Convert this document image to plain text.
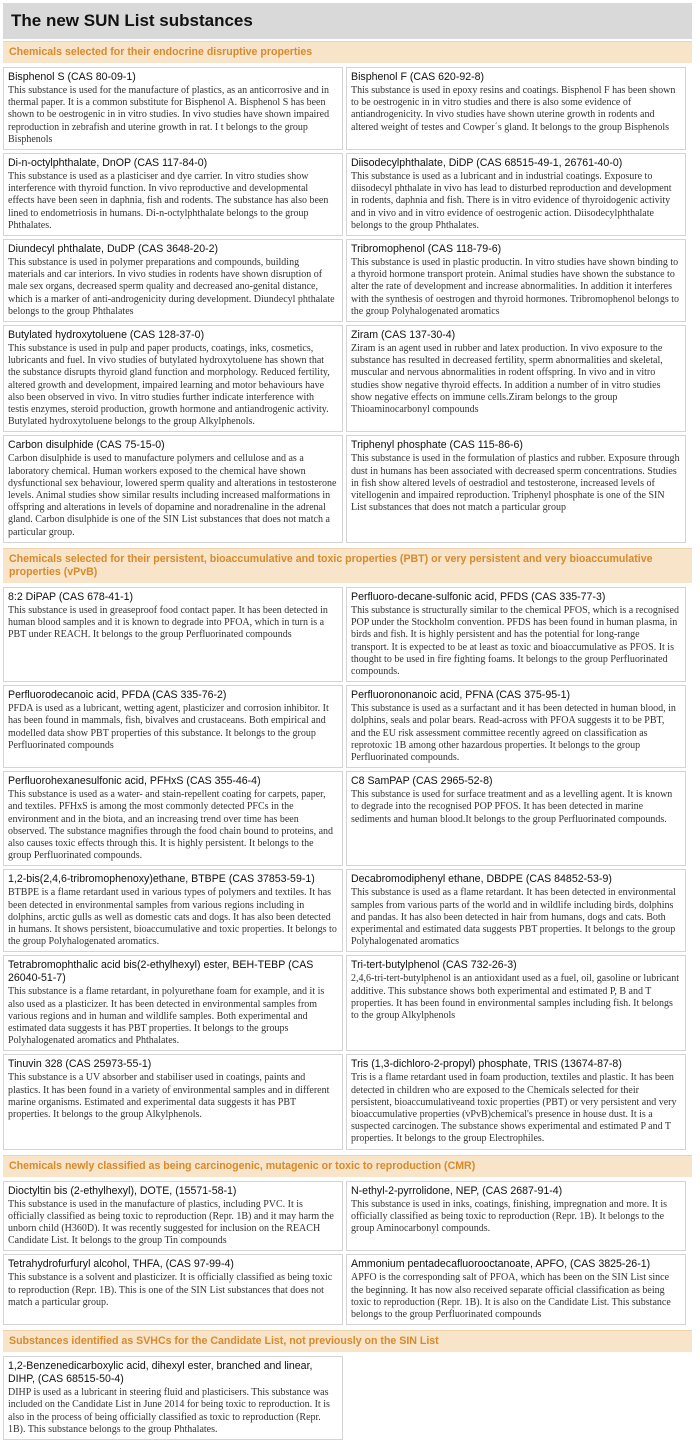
The new SUN List substances
Chemicals selected for their endocrine disruptive properties
Bisphenol S (CAS 80-09-1)
This substance is used for the manufacture of plastics, as an anticorrosive and in thermal paper. It is a common substitute for Bisphenol A. Bisphenol S has been shown to be oestrogenic in in vitro studies. In vivo studies have shown impaired reproduction in zebrafish and uterine growth in rat. I t belongs to the group Bisphenols
Bisphenol F (CAS 620-92-8)
This substance is used in epoxy resins and coatings. Bisphenol F has been shown to be oestrogenic in in vitro studies and there is also some evidence of antiandrogenicity. In vivo studies have shown uterine growth in rodents and altered weight of testes and Cowper´s gland. It belongs to the group Bisphenols
Di-n-octylphthalate, DnOP (CAS 117-84-0)
This substance is used as a plasticiser and dye carrier. In vitro studies show interference with thyroid function. In vivo reproductive and developmental effects have been seen in daphnia, fish and rodents. The substance has also been lined to endometriosis in humans. Di-n-octylphthalate belongs to the group Phthalates.
Diisodecylphthalate, DiDP (CAS 68515-49-1, 26761-40-0)
This substance is used as a lubricant and in industrial coatings. Exposure to diisodecyl phthalate in vivo has lead to disturbed reproduction and development in rodents, daphnia and fish. There is in vitro evidence of thyroidogenic activity and in vivo and in vitro evidence of oestrogenic action. Diisodecylphthalate belongs to the group Phthalates.
Diundecyl phthalate, DuDP (CAS 3648-20-2)
This substance is used in polymer preparations and compounds, building materials and car interiors. In vivo studies in rodents have shown disruption of male sex organs, decreased sperm quality and decreased ano-genital distance, which is a marker of anti-androgenicity during development. Diundecyl phthalate belongs to the group Phthalates
Tribromophenol (CAS 118-79-6)
This substance is used in plastic productin. In vitro studies have shown binding to a thyroid hormone transport protein. Animal studies have shown the substance to alter the rate of development and increase abnormalities. In addition it interferes with the synthesis of oestrogen and thyroid hormones. Tribromophenol belongs to the group Polyhalogenated aromatics
Butylated hydroxytoluene (CAS 128-37-0)
This substance is used in pulp and paper products, coatings, inks, cosmetics, lubricants and fuel. In vivo studies of butylated hydroxytoluene has shown that the substance disrupts thyroid gland function and morphology. Reduced fertility, altered growth and development, impaired learning and motor behaviours have also been observed in vivo. In vitro studies further indicate interference with testis enzymes, steroid production, growth hormone and antiandrogenic activity. Butylated hydroxytoluene belongs to the group Alkylphenols.
Ziram (CAS 137-30-4)
Ziram is an agent used in rubber and latex production. In vivo exposure to the substance has resulted in decreased fertility, sperm abnormalities and skeletal, muscular and nervous abnormalities in rodent offspring. In vivo and in vitro studies show negative thyroid effects. In addition a number of in vitro studies show negative effects on immune cells.Ziram belongs to the group Thioaminocarbonyl compounds
Carbon disulphide (CAS 75-15-0)
Carbon disulphide is used to manufacture polymers and cellulose and as a laboratory chemical. Human workers exposed to the chemical have shown dysfunctional sex behaviour, lowered sperm quality and alterations in testosterone levels. Animal studies show similar results including increased malformations in offspring and alterations in levels of dopamine and noradrenaline in the adrenal gland. Carbon disulphide is one of the SIN List substances that does not match a particular group.
Triphenyl phosphate (CAS 115-86-6)
This substance is used in the formulation of plastics and rubber. Exposure through dust in humans has been associated with decreased sperm concentrations. Studies in fish show altered levels of oestradiol and testosterone, increased levels of vitellogenin and impaired reproduction. Triphenyl phosphate is one of the SIN List substances that does not match a particular group
Chemicals selected for their persistent, bioaccumulative and toxic properties (PBT) or very persistent and very bioaccumulative properties (vPvB)
8:2 DiPAP (CAS 678-41-1)
This substance is used in greaseproof food contact paper. It has been detected in human blood samples and it is known to degrade into PFOA, which in turn is a PBT under REACH. It belongs to the group Perfluorinated compounds
Perfluoro-decane-sulfonic acid, PFDS (CAS 335-77-3)
This substance is structurally similar to the chemical PFOS, which is a recognised POP under the Stockholm convention. PFDS has been found in human plasma, in birds and fish. It is highly persistent and has the potential for long-range transport. It is expected to be at least as toxic and bioaccumulative as PFOS. It is thought to be used in fire fighting foams. It belongs to the group Perfluorinated compounds.
Perfluorodecanoic acid, PFDA (CAS 335-76-2)
PFDA is used as a lubricant, wetting agent, plasticizer and corrosion inhibitor. It has been found in mammals, fish, bivalves and crustaceans. Both empirical and modelled data show PBT properties of this substance. It belongs to the group Perfluorinated compounds
Perfluorononanoic acid, PFNA (CAS 375-95-1)
This substance is used as a surfactant and it has been detected in human blood, in dolphins, seals and polar bears. Read-across with PFOA suggests it to be PBT, and the EU risk assessment committee recently agreed on classification as reprotoxic 1B among other hazardous properties. It belongs to the group Perfluorinated compounds.
Perfluorohexanesulfonic acid, PFHxS (CAS 355-46-4)
This substance is used as a water- and stain-repellent coating for carpets, paper, and textiles. PFHxS is among the most commonly detected PFCs in the environment and in the biota, and an increasing trend over time has been observed. The substance magnifies through the food chain bound to proteins, and also causes toxic effects through this. It is highly persistent. It belongs to the group Perfluorinated compounds.
C8 SamPAP (CAS 2965-52-8)
This substance is used for surface treatment and as a levelling agent. It is known to degrade into the recognised POP PFOS. It has been detected in marine sediments and human blood.It belongs to the group Perfluorinated compounds.
1,2-bis(2,4,6-tribromophenoxy)ethane, BTBPE (CAS 37853-59-1)
BTBPE is a flame retardant used in various types of polymers and textiles. It has been detected in environmental samples from various regions including in dolphins, arctic gulls as well as domestic cats and dogs. It has also been detected in humans. It shows persistent, bioaccumulative and toxic properties. It belongs to the group Polyhalogenated aromatics.
Decabromodiphenyl ethane, DBDPE (CAS 84852-53-9)
This substance is used as a flame retardant. It has been detected in environmental samples from various parts of the world and in wildlife including birds, dolphins and pandas. It has also been detected in hair from humans, dogs and cats. Both experimental and estimated data suggests PBT properties. It belongs to the group Polyhalogenated aromatics
Tetrabromophthalic acid bis(2-ethylhexyl) ester, BEH-TEBP (CAS 26040-51-7)
This substance is a flame retardant, in polyurethane foam for example, and it is also used as a plasticizer. It has been detected in environmental samples from various regions and in human and wildlife samples. Both experimental and estimated data suggests it has PBT properties. It belongs to the groups Polyhalogenated aromatics and Phthalates.
Tri-tert-butylphenol (CAS 732-26-3)
2,4,6-tri-tert-butylphenol is an antioxidant used as a fuel, oil, gasoline or lubricant additive. This substance shows both experimental and estimated P, B and T properties. It has been found in environmental samples including fish. It belongs to the group Alkylphenols
Tinuvin 328 (CAS 25973-55-1)
This substance is a UV absorber and stabiliser used in coatings, paints and plastics. It has been found in a variety of environmental samples and in different marine organisms. Estimated and experimental data suggests it has PBT properties. It belongs to the group Alkylphenols.
Tris (1,3-dichloro-2-propyl) phosphate, TRIS (13674-87-8)
Tris is a flame retardant used in foam production, textiles and plastic. It has been detected in children who are exposed to the Chemicals selected for their persistent, bioaccumulativeand toxic properties (PBT) or very persistent and very bioaccumulative properties (vPvB)chemical's presence in house dust. It is a suspected carcinogen. The substance shows experimental and estimated P and T properties. It belongs to the group Electrophiles.
Chemicals newly classified as being carcinogenic, mutagenic or toxic to reproduction (CMR)
Dioctyltin bis (2-ethylhexyl), DOTE, (15571-58-1)
This substance is used in the manufacture of plastics, including PVC. It is officially classified as being toxic to reproduction (Repr. 1B) and it may harm the unborn child (H360D). It was recently suggested for inclusion on the REACH Candidate List. It belongs to the group Tin compounds
N-ethyl-2-pyrrolidone, NEP, (CAS 2687-91-4)
This substance is used in inks, coatings, finishing, impregnation and more. It is officially classified as being toxic to reproduction (Repr. 1B). It belongs to the group Aminocarbonyl compounds.
Tetrahydrofurfuryl alcohol, THFA, (CAS 97-99-4)
This substance is a solvent and plasticizer. It is officially classified as being toxic to reproduction (Repr. 1B). This is one of the SIN List substances that does not match a particular group.
Ammonium pentadecafluorooctanoate, APFO, (CAS 3825-26-1)
APFO is the corresponding salt of PFOA, which has been on the SIN List since the beginning. It has now also received separate official classification as being toxic to reproduction (Repr. 1B). It is also on the Candidate List. This substance belongs to the group Perfluorinated compounds
Substances identified as SVHCs for the Candidate List, not previously on the SIN List
1,2-Benzenedicarboxylic acid, dihexyl ester, branched and linear, DIHP, (CAS 68515-50-4)
DIHP is used as a lubricant in steering fluid and plasticisers. This substance was included on the Candidate List in June 2014 for being toxic to reproduction. It is also in the process of being officially classified as toxic to reproduction (Repr. 1B). This substance belongs to the group Phthalates.
